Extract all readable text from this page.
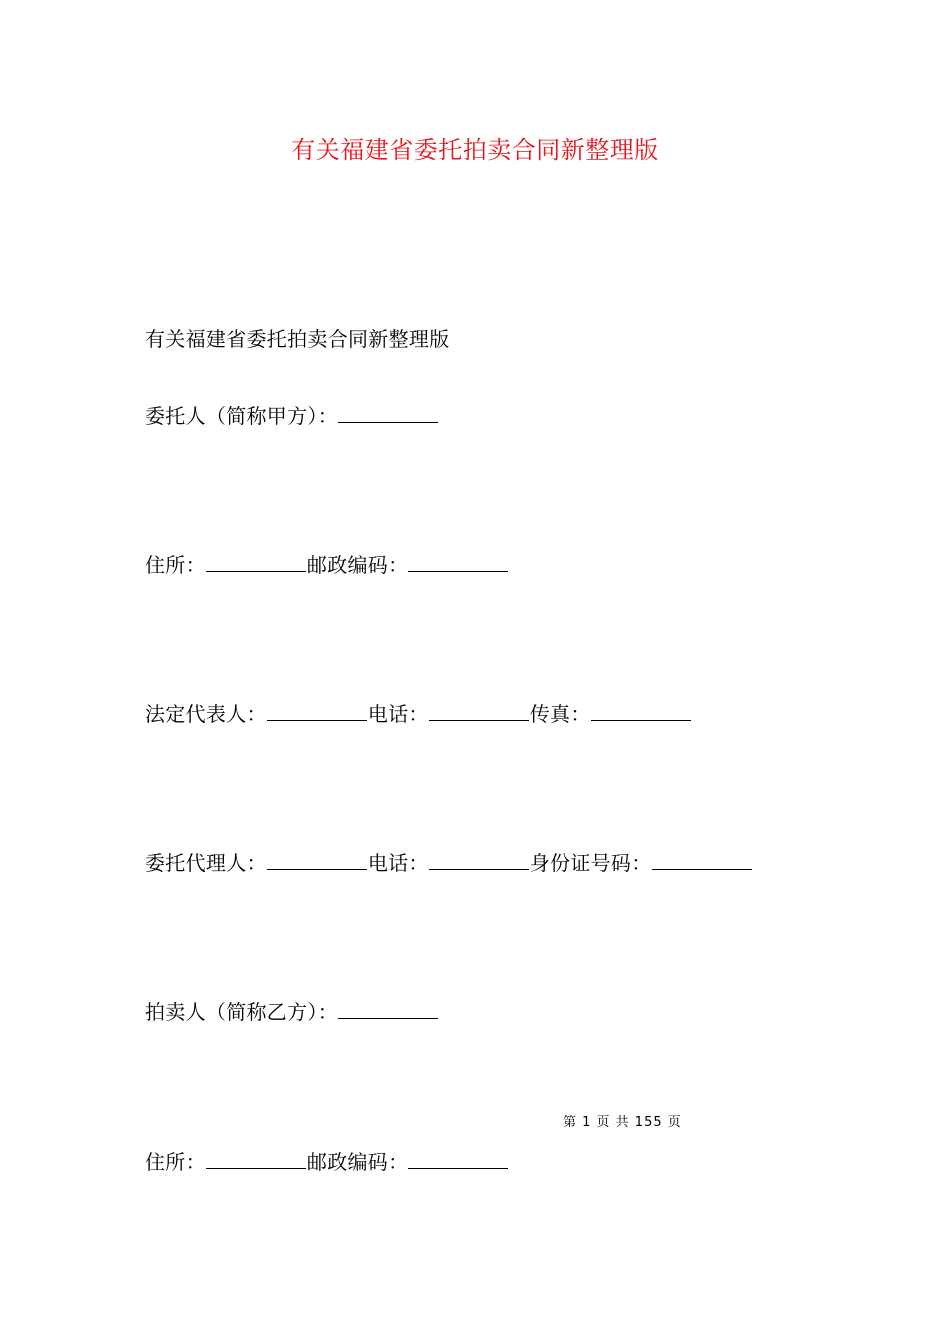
有关福建省委托拍卖合同新整理版
有关福建省委托拍卖合同新整理版
委托人（简称甲方）：
住所：	邮政编码：
法定代表人：	电话：	传真：
委托代理人：	电话：	身份证号码：
拍卖人（简称乙方）：
第 1 页 共 155 页
住所：	邮政编码：
